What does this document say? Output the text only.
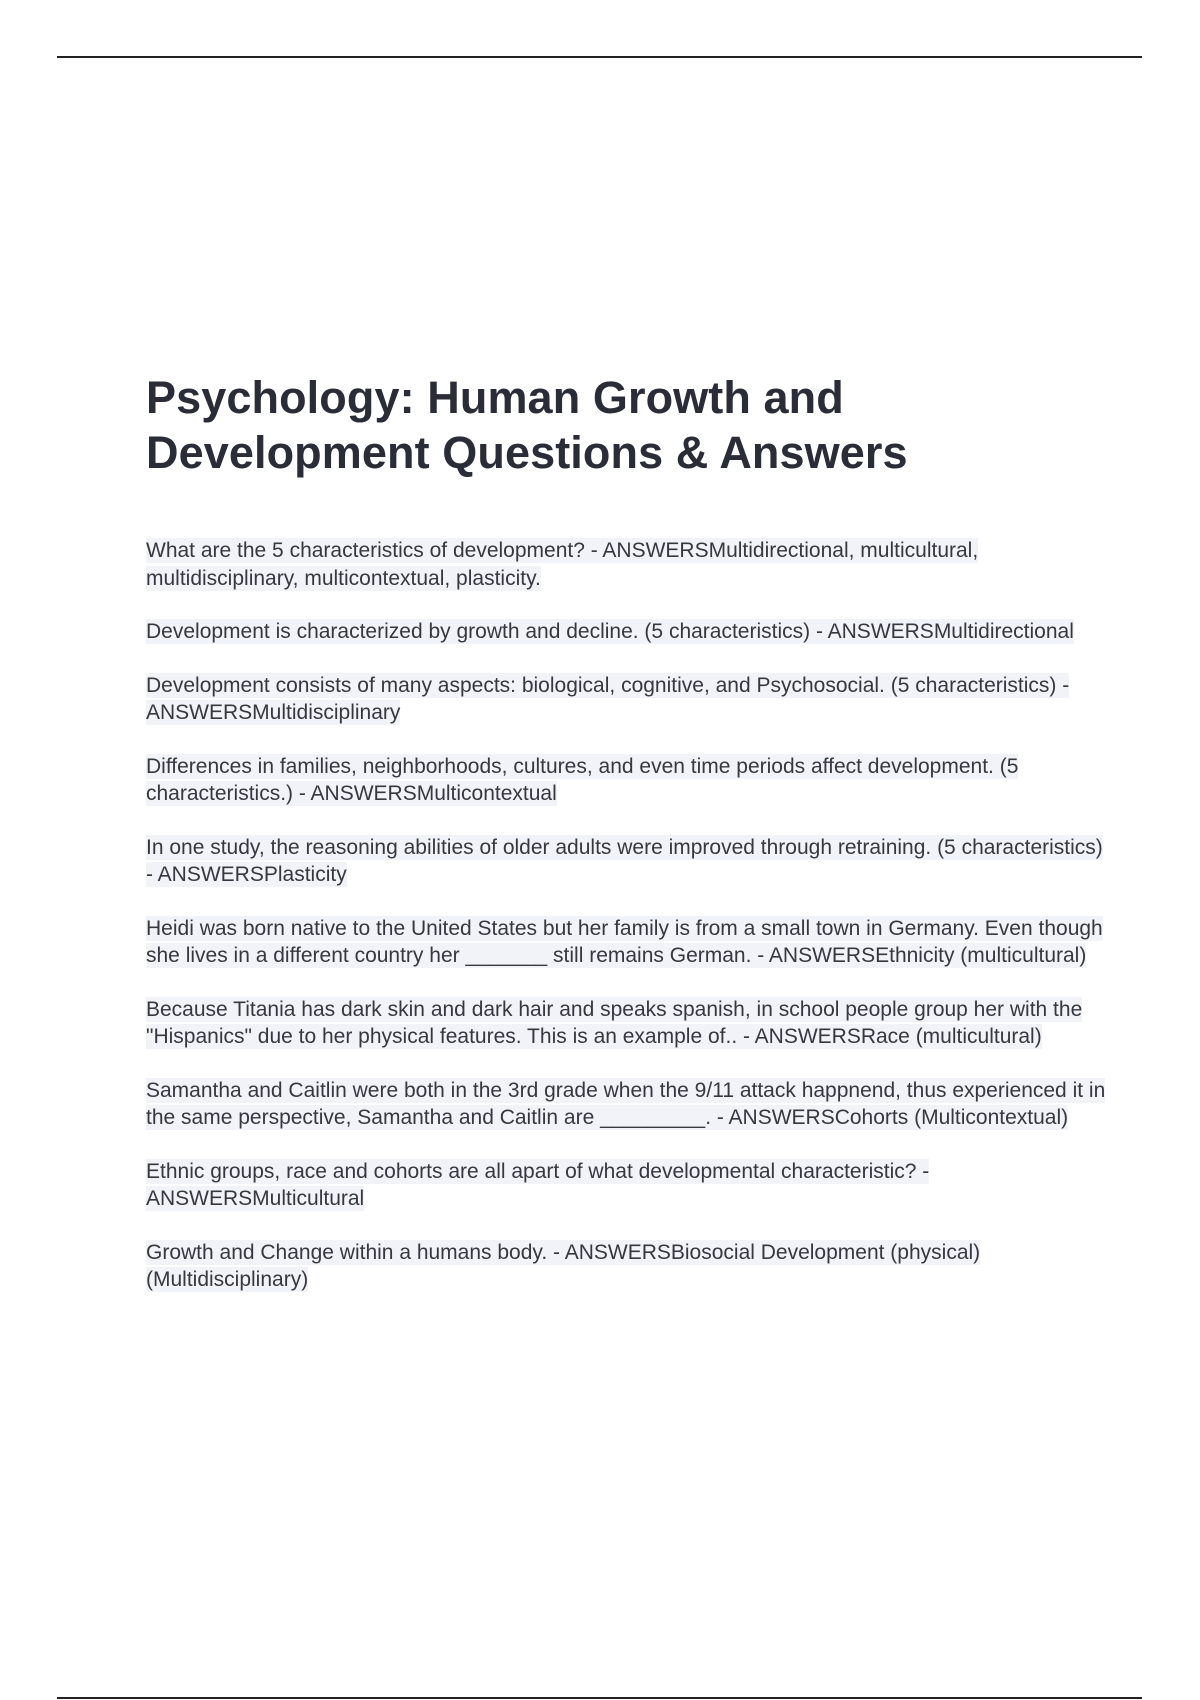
Psychology: Human Growth and Development Questions & Answers

What are the 5 characteristics of development? - ANSWERSMultidirectional, multicultural, multidisciplinary, multicontextual, plasticity.

Development is characterized by growth and decline. (5 characteristics) - ANSWERSMultidirectional

Development consists of many aspects: biological, cognitive, and Psychosocial. (5 characteristics) - ANSWERSMultidisciplinary

Differences in families, neighborhoods, cultures, and even time periods affect development. (5 characteristics.) - ANSWERSMulticontextual

In one study, the reasoning abilities of older adults were improved through retraining. (5 characteristics) - ANSWERSPlasticity

Heidi was born native to the United States but her family is from a small town in Germany. Even though she lives in a different country her _______ still remains German. - ANSWERSEthnicity (multicultural)

Because Titania has dark skin and dark hair and speaks spanish, in school people group her with the "Hispanics" due to her physical features. This is an example of.. - ANSWERSRace (multicultural)

Samantha and Caitlin were both in the 3rd grade when the 9/11 attack happnend, thus experienced it in the same perspective, Samantha and Caitlin are _________. - ANSWERSCohorts (Multicontextual)

Ethnic groups, race and cohorts are all apart of what developmental characteristic? - ANSWERSMulticultural

Growth and Change within a humans body. - ANSWERSBiosocial Development (physical) (Multidisciplinary)
